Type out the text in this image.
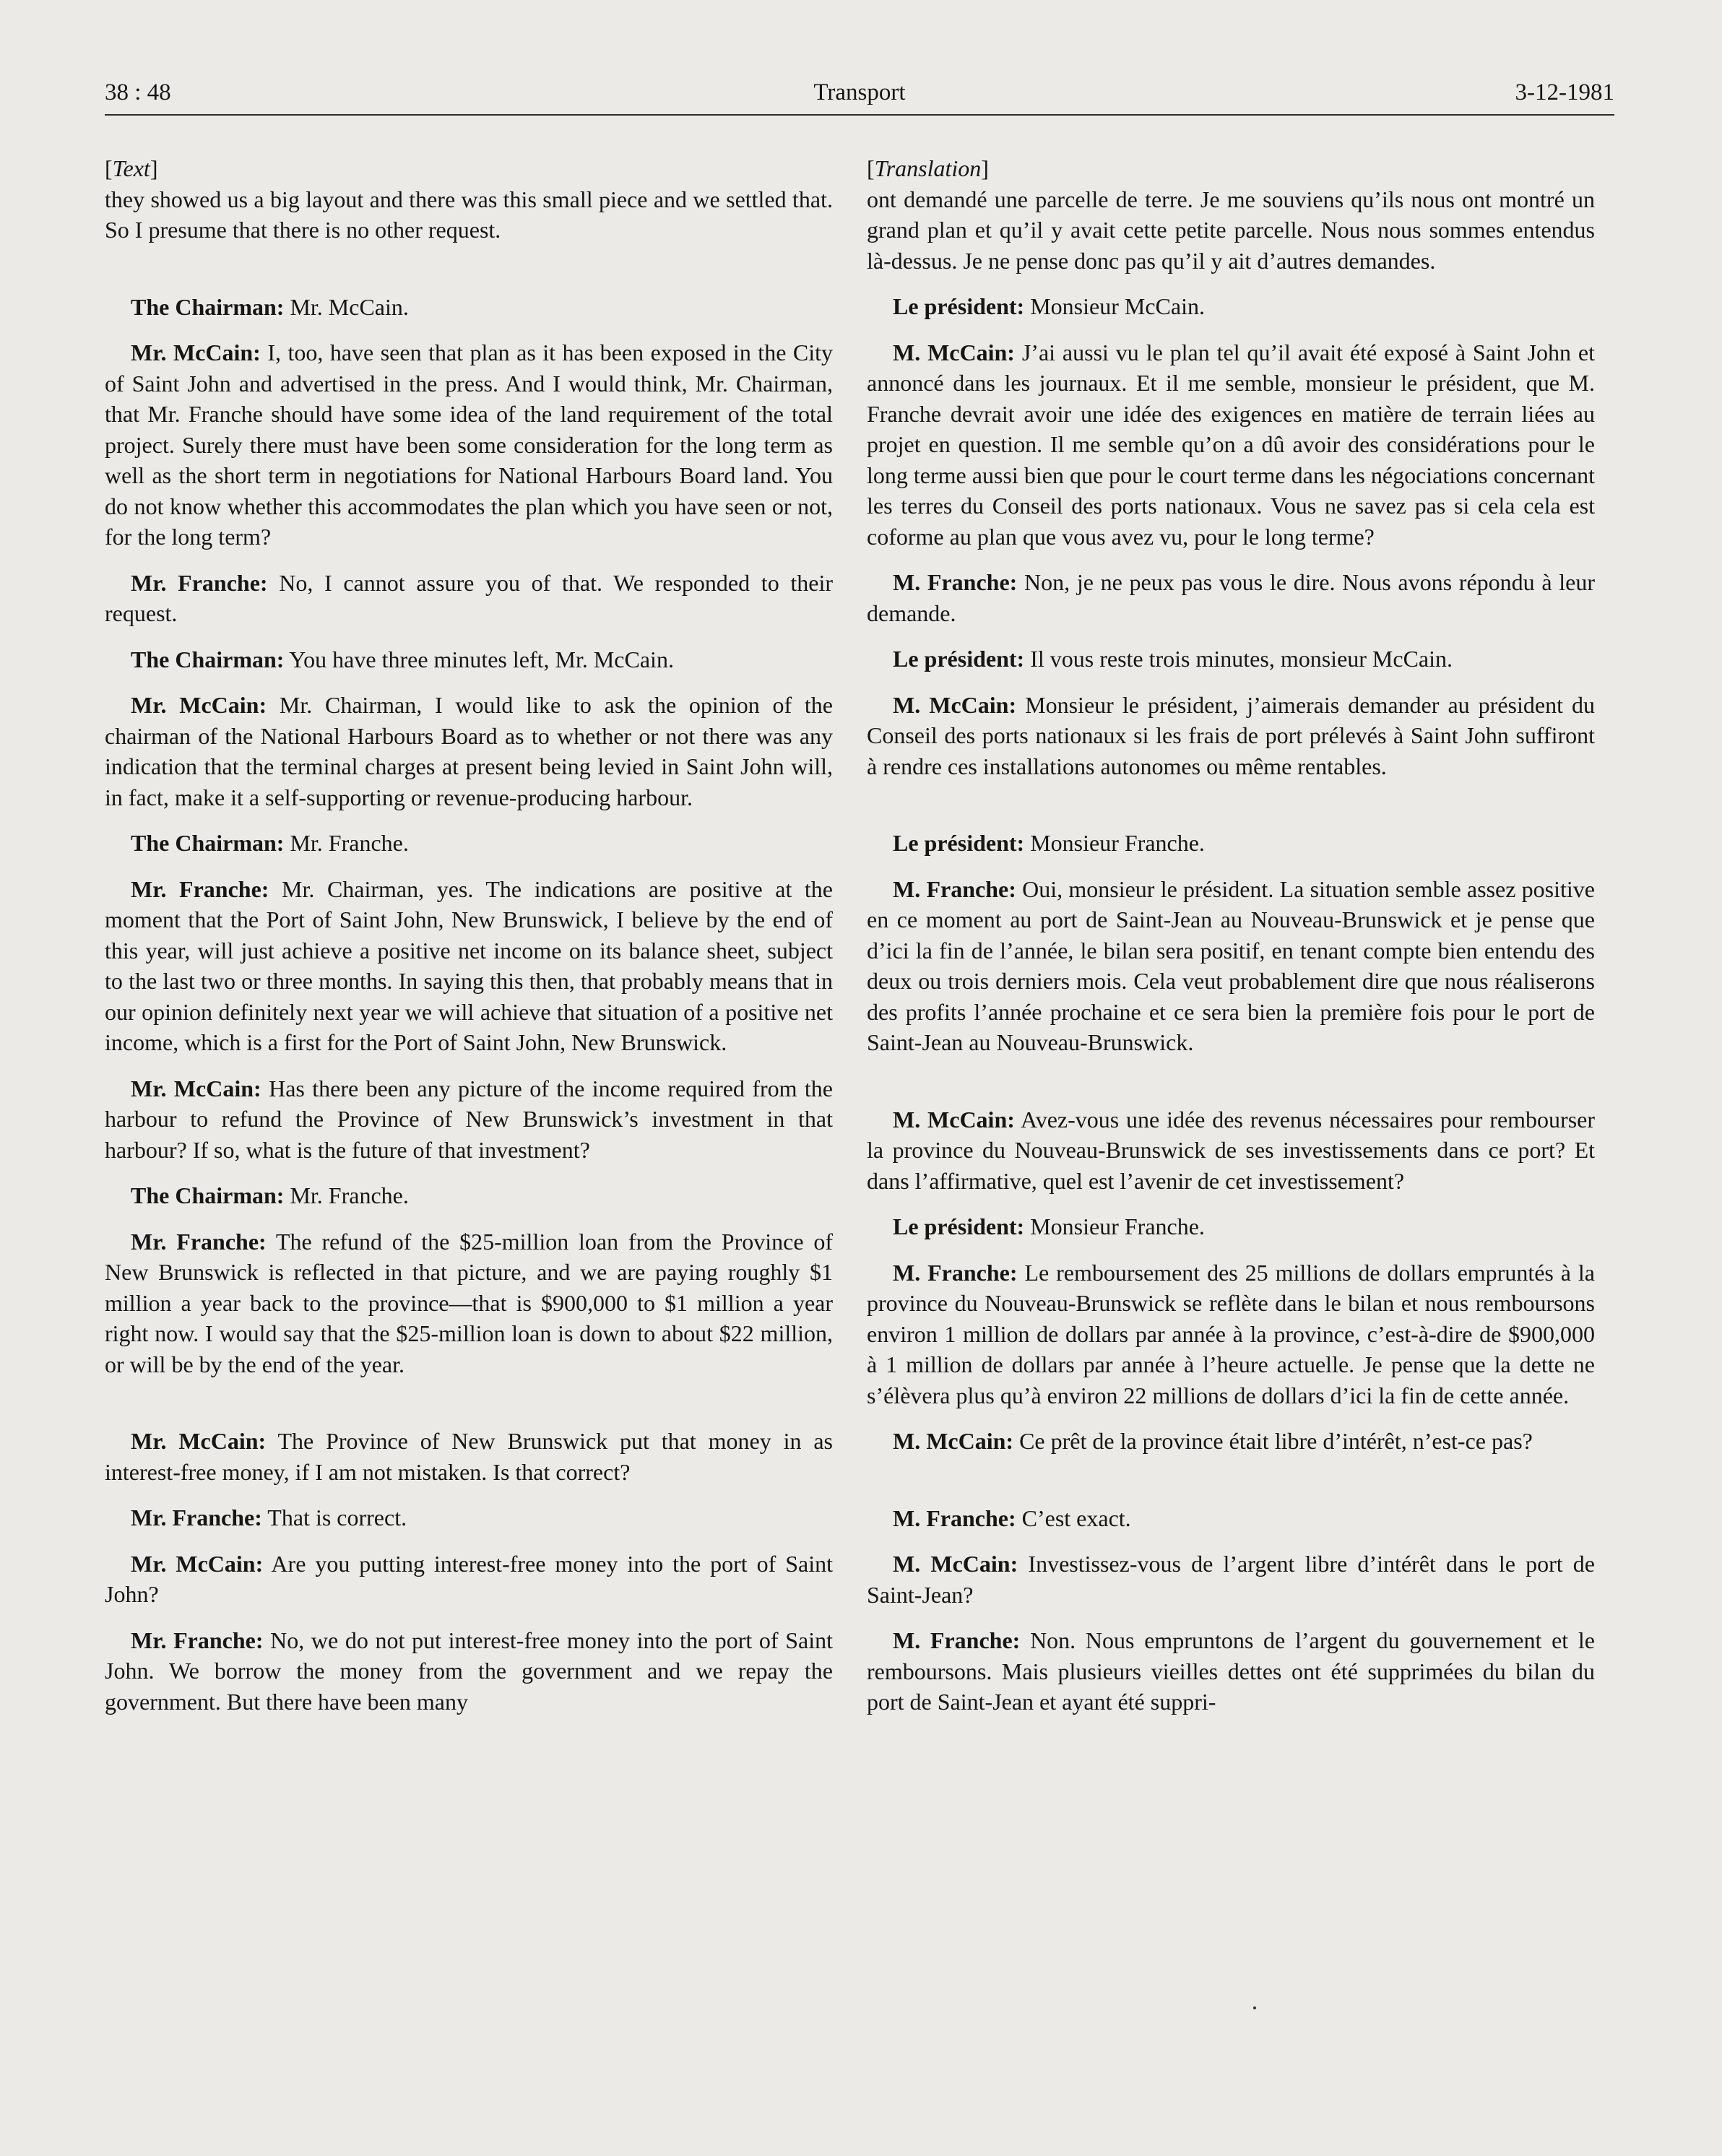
38 : 48	Transport	3-12-1981
[Text]

they showed us a big layout and there was this small piece and we settled that. So I presume that there is no other request.

The Chairman: Mr. McCain.

Mr. McCain: I, too, have seen that plan as it has been exposed in the City of Saint John and advertised in the press. And I would think, Mr. Chairman, that Mr. Franche should have some idea of the land requirement of the total project. Surely there must have been some consideration for the long term as well as the short term in negotiations for National Harbours Board land. You do not know whether this accommodates the plan which you have seen or not, for the long term?

Mr. Franche: No, I cannot assure you of that. We responded to their request.

The Chairman: You have three minutes left, Mr. McCain.

Mr. McCain: Mr. Chairman, I would like to ask the opinion of the chairman of the National Harbours Board as to whether or not there was any indication that the terminal charges at present being levied in Saint John will, in fact, make it a self-supporting or revenue-producing harbour.

The Chairman: Mr. Franche.

Mr. Franche: Mr. Chairman, yes. The indications are positive at the moment that the Port of Saint John, New Brunswick, I believe by the end of this year, will just achieve a positive net income on its balance sheet, subject to the last two or three months. In saying this then, that probably means that in our opinion definitely next year we will achieve that situation of a positive net income, which is a first for the Port of Saint John, New Brunswick.

Mr. McCain: Has there been any picture of the income required from the harbour to refund the Province of New Brunswick’s investment in that harbour? If so, what is the future of that investment?

The Chairman: Mr. Franche.

Mr. Franche: The refund of the $25-million loan from the Province of New Brunswick is reflected in that picture, and we are paying roughly $1 million a year back to the province—that is $900,000 to $1 million a year right now. I would say that the $25-million loan is down to about $22 million, or will be by the end of the year.

Mr. McCain: The Province of New Brunswick put that money in as interest-free money, if I am not mistaken. Is that correct?

Mr. Franche: That is correct.

Mr. McCain: Are you putting interest-free money into the port of Saint John?

Mr. Franche: No, we do not put interest-free money into the port of Saint John. We borrow the money from the government and we repay the government. But there have been many

[Translation]

ont demandé une parcelle de terre. Je me souviens qu’ils nous ont montré un grand plan et qu’il y avait cette petite parcelle. Nous nous sommes entendus là-dessus. Je ne pense donc pas qu’il y ait d’autres demandes.

Le président: Monsieur McCain.

M. McCain: J’ai aussi vu le plan tel qu’il avait été exposé à Saint John et annoncé dans les journaux. Et il me semble, monsieur le président, que M. Franche devrait avoir une idée des exigences en matière de terrain liées au projet en question. Il me semble qu’on a dû avoir des considérations pour le long terme aussi bien que pour le court terme dans les négociations concernant les terres du Conseil des ports nationaux. Vous ne savez pas si cela cela est coforme au plan que vous avez vu, pour le long terme?

M. Franche: Non, je ne peux pas vous le dire. Nous avons répondu à leur demande.

Le président: Il vous reste trois minutes, monsieur McCain.

M. McCain: Monsieur le président, j’aimerais demander au président du Conseil des ports nationaux si les frais de port prélevés à Saint John suffiront à rendre ces installations autonomes ou même rentables.

Le président: Monsieur Franche.

M. Franche: Oui, monsieur le président. La situation semble assez positive en ce moment au port de Saint-Jean au Nouveau-Brunswick et je pense que d’ici la fin de l’année, le bilan sera positif, en tenant compte bien entendu des deux ou trois derniers mois. Cela veut probablement dire que nous réaliserons des profits l’année prochaine et ce sera bien la première fois pour le port de Saint-Jean au Nouveau-Brunswick.

M. McCain: Avez-vous une idée des revenus nécessaires pour rembourser la province du Nouveau-Brunswick de ses investissements dans ce port? Et dans l’affirmative, quel est l’avenir de cet investissement?

Le président: Monsieur Franche.

M. Franche: Le remboursement des 25 millions de dollars empruntés à la province du Nouveau-Brunswick se reflète dans le bilan et nous remboursons environ 1 million de dollars par année à la province, c’est-à-dire de $900,000 à 1 million de dollars par année à l’heure actuelle. Je pense que la dette ne s’élèvera plus qu’à environ 22 millions de dollars d’ici la fin de cette année.

M. McCain: Ce prêt de la province était libre d’intérêt, n’est-ce pas?

M. Franche: C’est exact.

M. McCain: Investissez-vous de l’argent libre d’intérêt dans le port de Saint-Jean?

M. Franche: Non. Nous empruntons de l’argent du gouvernement et le remboursons. Mais plusieurs vieilles dettes ont été supprimées du bilan du port de Saint-Jean et ayant été suppri-
